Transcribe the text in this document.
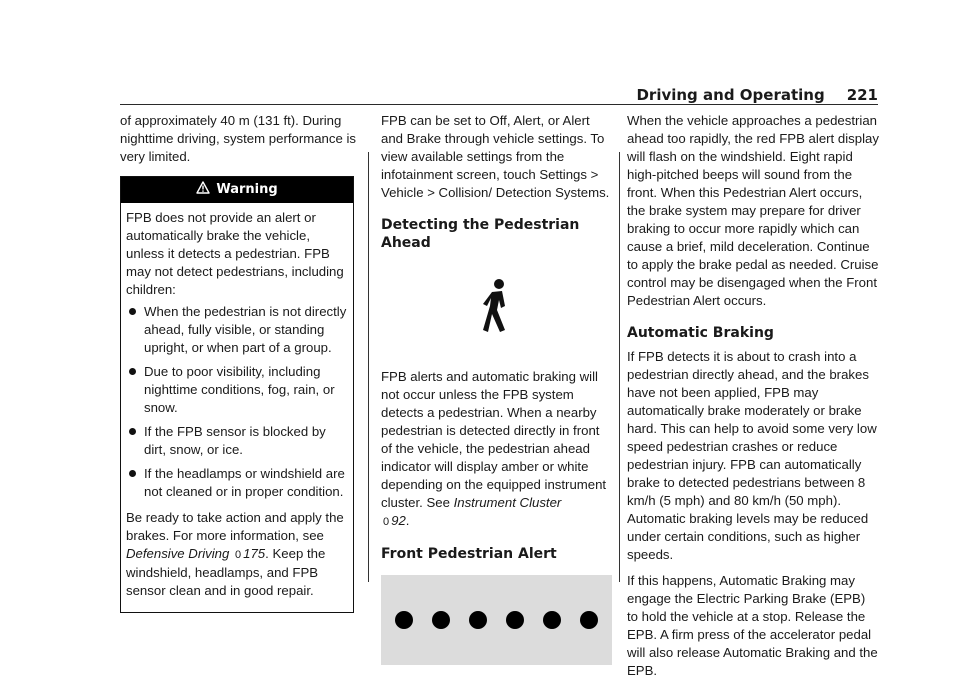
Driving and Operating 221

of approximately 40 m (131 ft). During nighttime driving, system performance is very limited.

Warning

FPB does not provide an alert or automatically brake the vehicle, unless it detects a pedestrian. FPB may not detect pedestrians, including children:

When the pedestrian is not directly ahead, fully visible, or standing upright, or when part of a group.
Due to poor visibility, including nighttime conditions, fog, rain, or snow.
If the FPB sensor is blocked by dirt, snow, or ice.
If the headlamps or windshield are not cleaned or in proper condition.

Be ready to take action and apply the brakes. For more information, see Defensive Driving 0 175. Keep the windshield, headlamps, and FPB sensor clean and in good repair.

FPB can be set to Off, Alert, or Alert and Brake through vehicle settings. To view available settings from the infotainment screen, touch Settings > Vehicle > Collision/ Detection Systems.

Detecting the Pedestrian Ahead

FPB alerts and automatic braking will not occur unless the FPB system detects a pedestrian. When a nearby pedestrian is detected directly in front of the vehicle, the pedestrian ahead indicator will display amber or white depending on the equipped instrument cluster. See Instrument Cluster
0 92.

Front Pedestrian Alert

When the vehicle approaches a pedestrian ahead too rapidly, the red FPB alert display will flash on the windshield. Eight rapid high-pitched beeps will sound from the front. When this Pedestrian Alert occurs, the brake system may prepare for driver braking to occur more rapidly which can cause a brief, mild deceleration. Continue to apply the brake pedal as needed. Cruise control may be disengaged when the Front Pedestrian Alert occurs.

Automatic Braking

If FPB detects it is about to crash into a pedestrian directly ahead, and the brakes have not been applied, FPB may automatically brake moderately or brake hard. This can help to avoid some very low speed pedestrian crashes or reduce pedestrian injury. FPB can automatically brake to detected pedestrians between 8 km/h (5 mph) and 80 km/h (50 mph). Automatic braking levels may be reduced under certain conditions, such as higher speeds.

If this happens, Automatic Braking may engage the Electric Parking Brake (EPB) to hold the vehicle at a stop. Release the EPB. A firm press of the accelerator pedal will also release Automatic Braking and the EPB.
